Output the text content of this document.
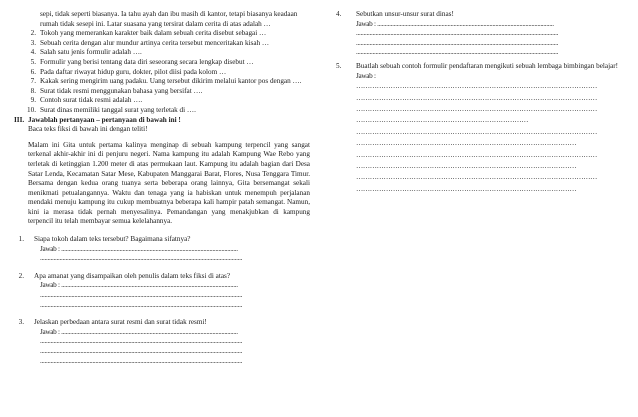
sepi, tidak seperti biasanya. Ia tahu ayah dan ibu masih di kantor, tetapi biasanya keadaan

rumah tidak sesepi ini. Latar suasana yang tersirat dalam cerita di atas adalah …

2. Tokoh yang memerankan karakter baik dalam sebuah cerita disebut sebagai …
3. Sebuah cerita dengan alur mundur artinya cerita tersebut menceritakan kisah …
4. Salah satu jenis formulir adalah ….
5. Formulir yang berisi tentang data diri seseorang secara lengkap disebut …
6. Pada daftar riwayat hidup guru, dokter, pilot diisi pada kolom …
7. Kakak sering mengirim uang padaku. Uang tersebut dikirim melalui kantor pos dengan ….
8. Surat tidak resmi menggunakan bahasa yang bersifat ….
9. Contoh surat tidak resmi adalah ….
10. Surat dinas memiliki tanggal surat yang terletak di ….
III. Jawablah pertanyaan – pertanyaan di bawah ini !

Baca teks fiksi di bawah ini dengan teliti!

Malam ini Gita untuk pertama kalinya menginap di sebuah kampung terpencil yang sangat terkenal akhir-akhir ini di penjuru negeri. Nama kampung itu adalah Kampung Wae Rebo yang terletak di ketinggian 1.200 meter di atas permukaan laut. Kampung itu adalah bagian dari Desa Satar Lenda, Kecamatan Satar Mese, Kabupaten Manggarai Barat, Flores, Nusa Tenggara Timur. Bersama dengan kedua orang tuanya serta beberapa orang lainnya, Gita bersemangat sekali menikmati petualangannya. Waktu dan tenaga yang ia habiskan untuk menempuh perjalanan mendaki menuju kampung itu cukup membuatnya beberapa kali hampir patah semangat. Namun, kini ia merasa tidak pernah menyesalinya. Pemandangan yang menakjubkan di kampung terpencil itu telah membayar semua kelelahannya.

1.	Siapa tokoh dalam teks tersebut? Bagaimana sifatnya?

Jawab : ......................................................................................................................

.......................................................................................................................................

2.	Apa amanat yang disampaikan oleh penulis dalam teks fiksi di atas?

Jawab : ......................................................................................................................

.......................................................................................................................................

.......................................................................................................................................

3.	Jelaskan perbedaan antara surat resmi dan surat tidak resmi!

Jawab : ......................................................................................................................

.......................................................................................................................................

.......................................................................................................................................

.......................................................................................................................................

4.	Sebutkan unsur-unsur surat dinas!

Jawab : ......................................................................................................................

.......................................................................................................................................

.......................................................................................................................................

.......................................................................................................................................

5.	Buatlah sebuah contoh formulir pendaftaran mengikuti sebuah lembaga bimbingan belajar!

Jawab :

……………………………………………………………………………………………

……………………………………………………………………………………………

……………………………………………………………………………………………

…………………………………………………………………

……………………………………………………………………………………………

……………………………………………………………………………………

……………………………………………………………………………………………

……………………………………………………………………………………

……………………………………………………………………………………………

……………………………………………………………………………………
